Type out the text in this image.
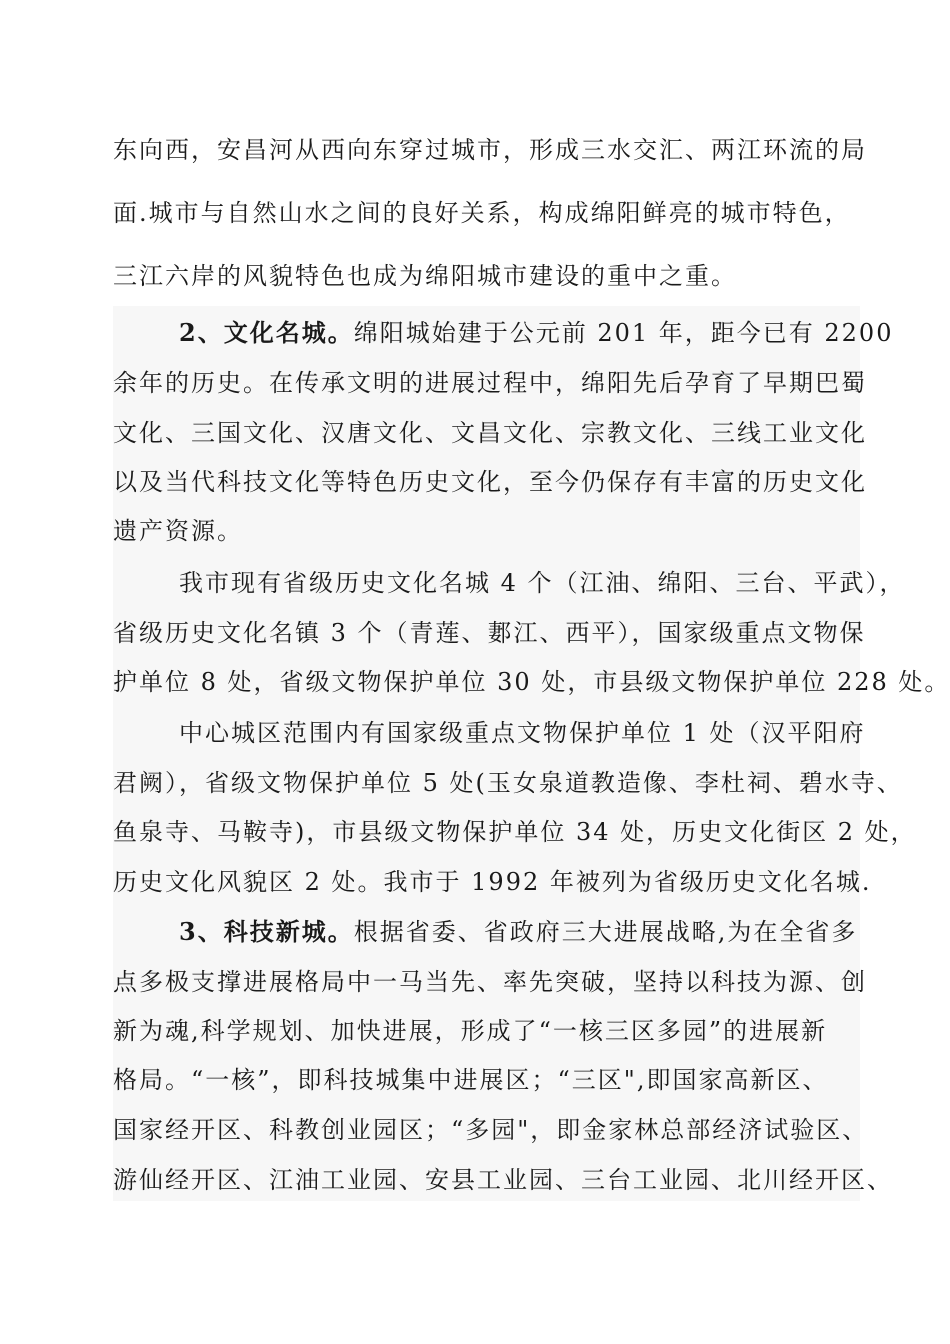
东向西，安昌河从西向东穿过城市，形成三水交汇、两江环流的局
面.城市与自然山水之间的良好关系，构成绵阳鲜亮的城市特色，
三江六岸的风貌特色也成为绵阳城市建设的重中之重。
2、文化名城。绵阳城始建于公元前 201 年，距今已有 2200
余年的历史。在传承文明的进展过程中，绵阳先后孕育了早期巴蜀
文化、三国文化、汉唐文化、文昌文化、宗教文化、三线工业文化
以及当代科技文化等特色历史文化，至今仍保存有丰富的历史文化
遗产资源。
我市现有省级历史文化名城 4 个（江油、绵阳、三台、平武），
省级历史文化名镇 3 个（青莲、郪江、西平），国家级重点文物保
护单位 8 处，省级文物保护单位 30 处，市县级文物保护单位 228 处。
中心城区范围内有国家级重点文物保护单位 1 处（汉平阳府
君阙），省级文物保护单位 5 处(玉女泉道教造像、李杜祠、碧水寺、
鱼泉寺、马鞍寺)，市县级文物保护单位 34 处，历史文化街区 2 处，
历史文化风貌区 2 处。我市于 1992 年被列为省级历史文化名城.
3、科技新城。根据省委、省政府三大进展战略,为在全省多
点多极支撑进展格局中一马当先、率先突破，坚持以科技为源、创
新为魂,科学规划、加快进展，形成了“一核三区多园”的进展新
格局。“一核”，即科技城集中进展区；“三区",即国家高新区、
国家经开区、科教创业园区；“多园"，即金家林总部经济试验区、
游仙经开区、江油工业园、安县工业园、三台工业园、北川经开区、
